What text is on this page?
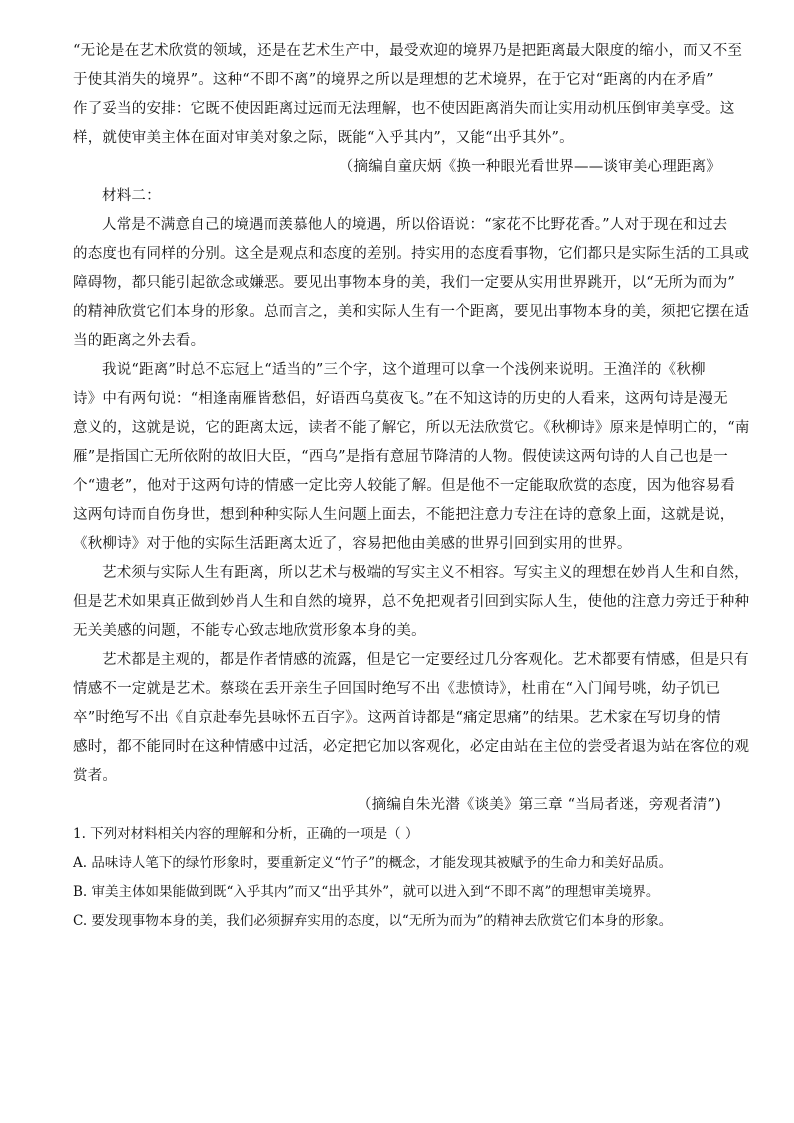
“无论是在艺术欣赏的领域，还是在艺术生产中，最受欢迎的境界乃是把距离最大限度的缩小，而又不至
于使其消失的境界”。这种“不即不离”的境界之所以是理想的艺术境界，在于它对“距离的内在矛盾”
作了妥当的安排：它既不使因距离过远而无法理解，也不使因距离消失而让实用动机压倒审美享受。这
样，就使审美主体在面对审美对象之际，既能“入乎其内”，又能“出乎其外”。
（摘编自童庆炳《换一种眼光看世界——谈审美心理距离》
材料二：
人常是不满意自己的境遇而羡慕他人的境遇，所以俗语说：“家花不比野花香。”人对于现在和过去
的态度也有同样的分别。这全是观点和态度的差别。持实用的态度看事物，它们都只是实际生活的工具或
障碍物，都只能引起欲念或嫌恶。要见出事物本身的美，我们一定要从实用世界跳开，以“无所为而为”
的精神欣赏它们本身的形象。总而言之，美和实际人生有一个距离，要见出事物本身的美，须把它摆在适
当的距离之外去看。
我说“距离”时总不忘冠上“适当的”三个字，这个道理可以拿一个浅例来说明。王渔洋的《秋柳
诗》中有两句说：“相逢南雁皆愁侣，好语西乌莫夜飞。”在不知这诗的历史的人看来，这两句诗是漫无
意义的，这就是说，它的距离太远，读者不能了解它，所以无法欣赏它。《秋柳诗》原来是悼明亡的，“南
雁”是指国亡无所依附的故旧大臣，“西乌”是指有意屈节降清的人物。假使读这两句诗的人自己也是一
个“遗老”，他对于这两句诗的情感一定比旁人较能了解。但是他不一定能取欣赏的态度，因为他容易看
这两句诗而自伤身世，想到种种实际人生问题上面去，不能把注意力专注在诗的意象上面，这就是说，
《秋柳诗》对于他的实际生活距离太近了，容易把他由美感的世界引回到实用的世界。
艺术须与实际人生有距离，所以艺术与极端的写实主义不相容。写实主义的理想在妙肖人生和自然，
但是艺术如果真正做到妙肖人生和自然的境界，总不免把观者引回到实际人生，使他的注意力旁迁于种种
无关美感的问题，不能专心致志地欣赏形象本身的美。
艺术都是主观的，都是作者情感的流露，但是它一定要经过几分客观化。艺术都要有情感，但是只有
情感不一定就是艺术。蔡琰在丢开亲生子回国时绝写不出《悲愤诗》，杜甫在“入门闻号咷，幼子饥已
卒”时绝写不出《自京赴奉先县咏怀五百字》。这两首诗都是“痛定思痛”的结果。艺术家在写切身的情
感时，都不能同时在这种情感中过活，必定把它加以客观化，必定由站在主位的尝受者退为站在客位的观
赏者。
（摘编自朱光潜《谈美》第三章 “当局者迷，旁观者清”)
1. 下列对材料相关内容的理解和分析，正确的一项是（ ）
A. 品味诗人笔下的绿竹形象时，要重新定义“竹子”的概念，才能发现其被赋予的生命力和美好品质。
B. 审美主体如果能做到既“入乎其内”而又“出乎其外”，就可以进入到“不即不离”的理想审美境界。
C. 要发现事物本身的美，我们必须摒弃实用的态度，以“无所为而为”的精神去欣赏它们本身的形象。
